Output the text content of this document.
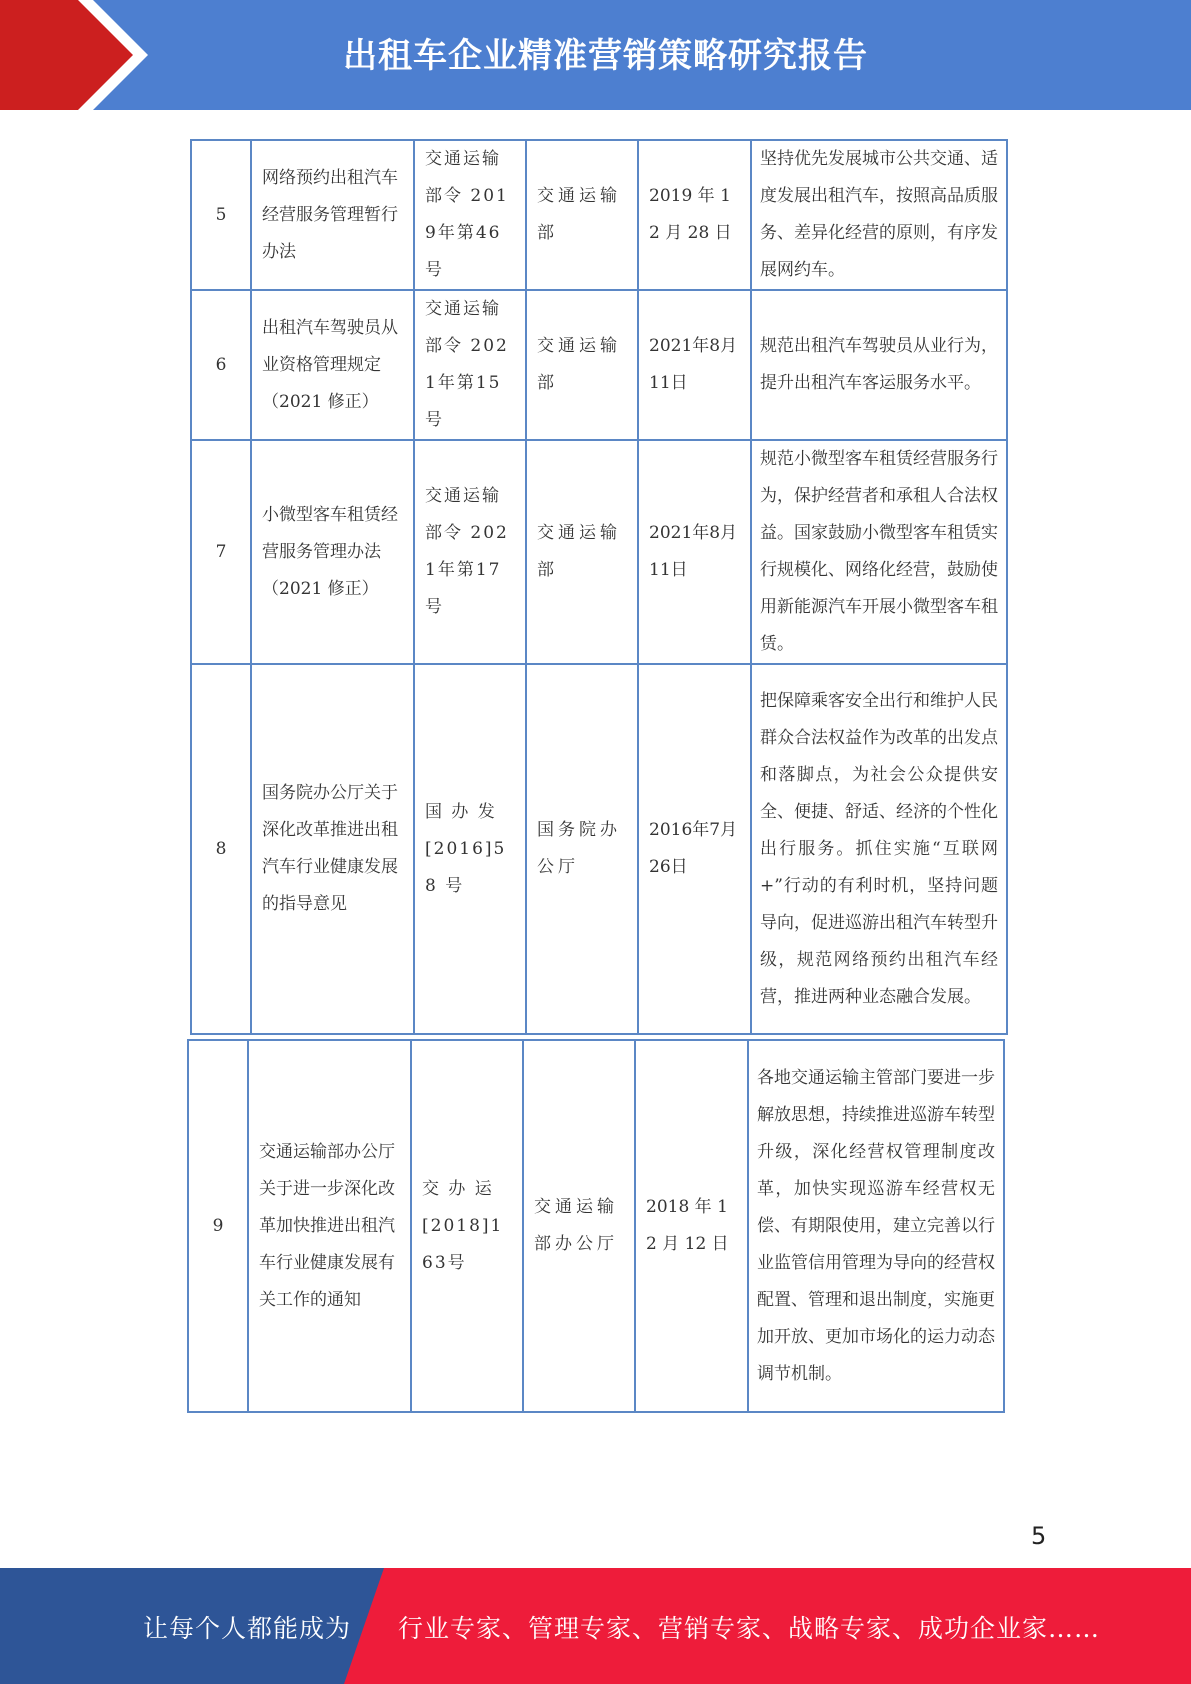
出租车企业精准营销策略研究报告
5	网络预约出租汽车经营服务管理暂行办法	交通运输部令 2019年第46号	交通运输部	2019 年 12 月 28 日	坚持优先发展城市公共交通、适度发展出租汽车，按照高品质服务、差异化经营的原则，有序发展网约车。
6	出租汽车驾驶员从业资格管理规定（2021 修正）	交通运输部令 2021年第15号	交通运输部	2021年8月11日	规范出租汽车驾驶员从业行为，提升出租汽车客运服务水平。
7	小微型客车租赁经营服务管理办法（2021 修正）	交通运输部令 2021年第17号	交通运输部	2021年8月11日	规范小微型客车租赁经营服务行为，保护经营者和承租人合法权益。国家鼓励小微型客车租赁实行规模化、网络化经营，鼓励使用新能源汽车开展小微型客车租赁。
8	国务院办公厅关于深化改革推进出租汽车行业健康发展的指导意见	国 办 发[2016]58 号	国务院办公厅	2016年7月26日	把保障乘客安全出行和维护人民群众合法权益作为改革的出发点和落脚点，为社会公众提供安全、便捷、舒适、经济的个性化出行服务。抓住实施“互联网+”行动的有利时机，坚持问题导向，促进巡游出租汽车转型升级，规范网络预约出租汽车经营，推进两种业态融合发展。
9	交通运输部办公厅关于进一步深化改革加快推进出租汽车行业健康发展有关工作的通知	交 办 运[2018]163号	交通运输部办公厅	2018 年 12 月 12 日	各地交通运输主管部门要进一步解放思想，持续推进巡游车转型升级，深化经营权管理制度改革，加快实现巡游车经营权无偿、有期限使用，建立完善以行业监管信用管理为导向的经营权配置、管理和退出制度，实施更加开放、更加市场化的运力动态调节机制。
5
让每个人都能成为 行业专家、管理专家、营销专家、战略专家、成功企业家……
